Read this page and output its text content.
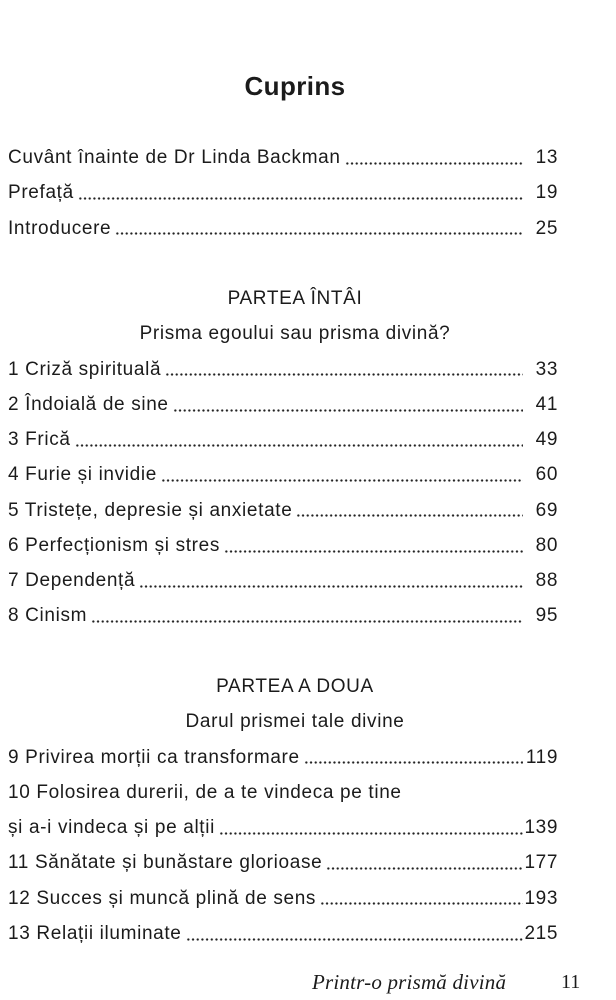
Cuprins
Cuvânt înainte de Dr Linda Backman	13
Prefață	19
Introducere	25
PARTEA ÎNTÂI
Prisma egoului sau prisma divină?
1 Criză spirituală	33
2 Îndoială de sine	41
3 Frică	49
4 Furie și invidie	60
5 Tristețe, depresie și anxietate	69
6 Perfecționism și stres	80
7 Dependență	88
8 Cinism	95
PARTEA A DOUA
Darul prismei tale divine
9 Privirea morții ca transformare	119
10 Folosirea durerii, de a te vindeca pe tine
și a-i vindeca și pe alții	139
11 Sănătate și bunăstare glorioase	177
12 Succes și muncă plină de sens	193
13 Relații iluminate	215
Printr-o prismă divină	11
